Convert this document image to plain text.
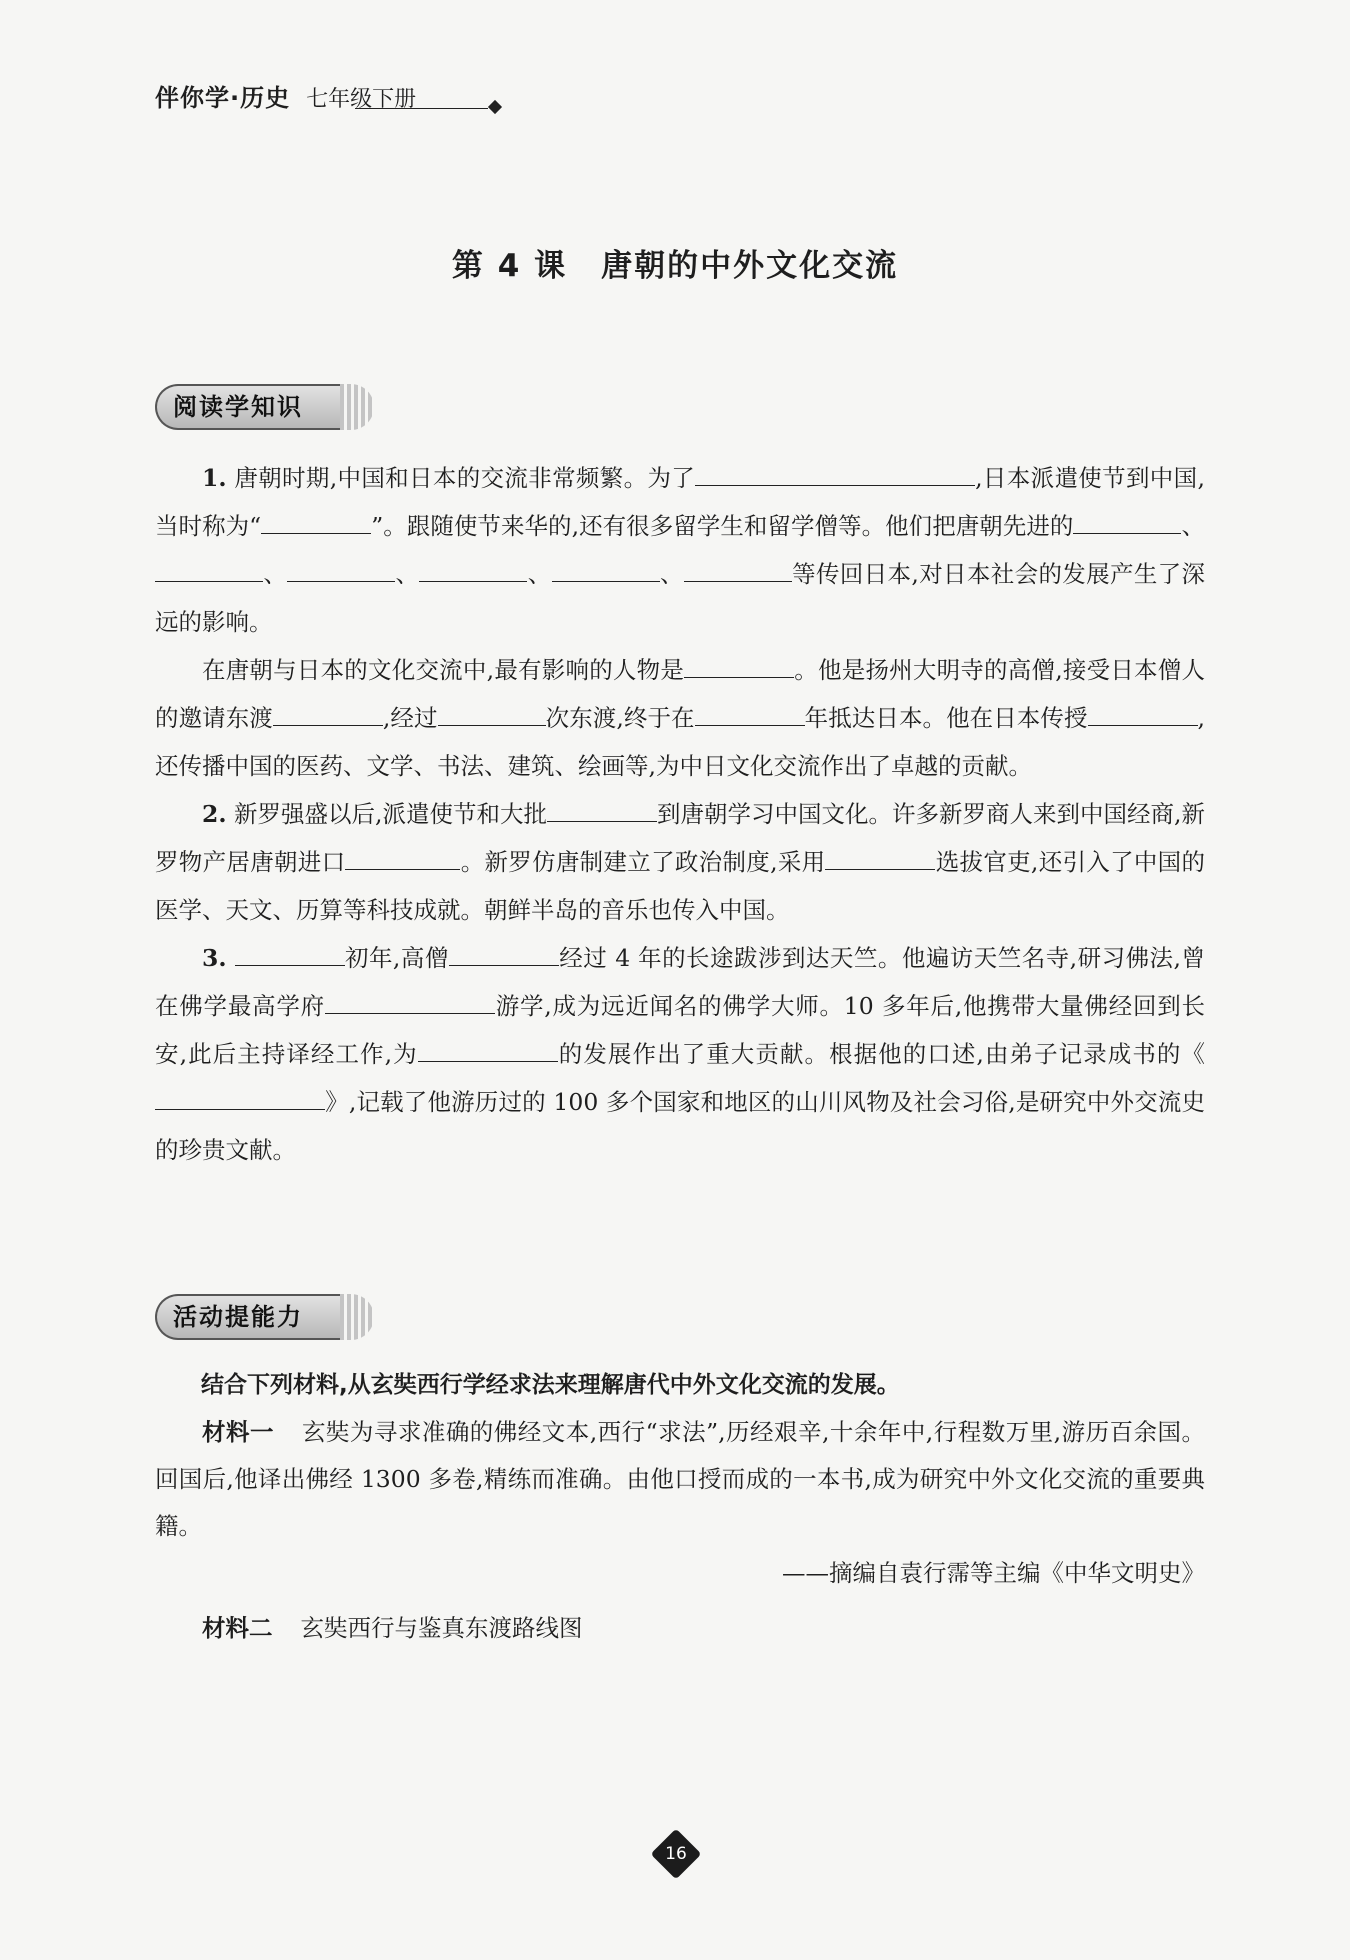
伴你学·历史 七年级下册
第 4 课 唐朝的中外文化交流
阅读学知识

1. 唐朝时期,中国和日本的交流非常频繁。为了	,日本派遣使节到中国,当时称为“	”。跟随使节来华的,还有很多留学生和留学僧等。他们把唐朝先进的	、、	、	、	、	等传回日本,对日本社会的发展产生了深远的影响。

在唐朝与日本的文化交流中,最有影响的人物是	。他是扬州大明寺的高僧,接受日本僧人的邀请东渡	,经过	次东渡,终于在	年抵达日本。他在日本传授	,还传播中国的医药、文学、书法、建筑、绘画等,为中日文化交流作出了卓越的贡献。

2. 新罗强盛以后,派遣使节和大批	到唐朝学习中国文化。许多新罗商人来到中国经商,新罗物产居唐朝进口	。新罗仿唐制建立了政治制度,采用	选拔官吏,还引入了中国的医学、天文、历算等科技成就。朝鲜半岛的音乐也传入中国。

3.	初年,高僧	经过 4 年的长途跋涉到达天竺。他遍访天竺名寺,研习佛法,曾在佛学最高学府	游学,成为远近闻名的佛学大师。10 多年后,他携带大量佛经回到长安,此后主持译经工作,为	的发展作出了重大贡献。根据他的口述,由弟子记录成书的《》,记载了他游历过的 100 多个国家和地区的山川风物及社会习俗,是研究中外交流史的珍贵文献。

活动提能力

结合下列材料,从玄奘西行学经求法来理解唐代中外文化交流的发展。

材料一 玄奘为寻求准确的佛经文本,西行“求法”,历经艰辛,十余年中,行程数万里,游历百余国。回国后,他译出佛经 1300 多卷,精练而准确。由他口授而成的一本书,成为研究中外文化交流的重要典籍。

——摘编自袁行霈等主编《中华文明史》

材料二 玄奘西行与鉴真东渡路线图

16
